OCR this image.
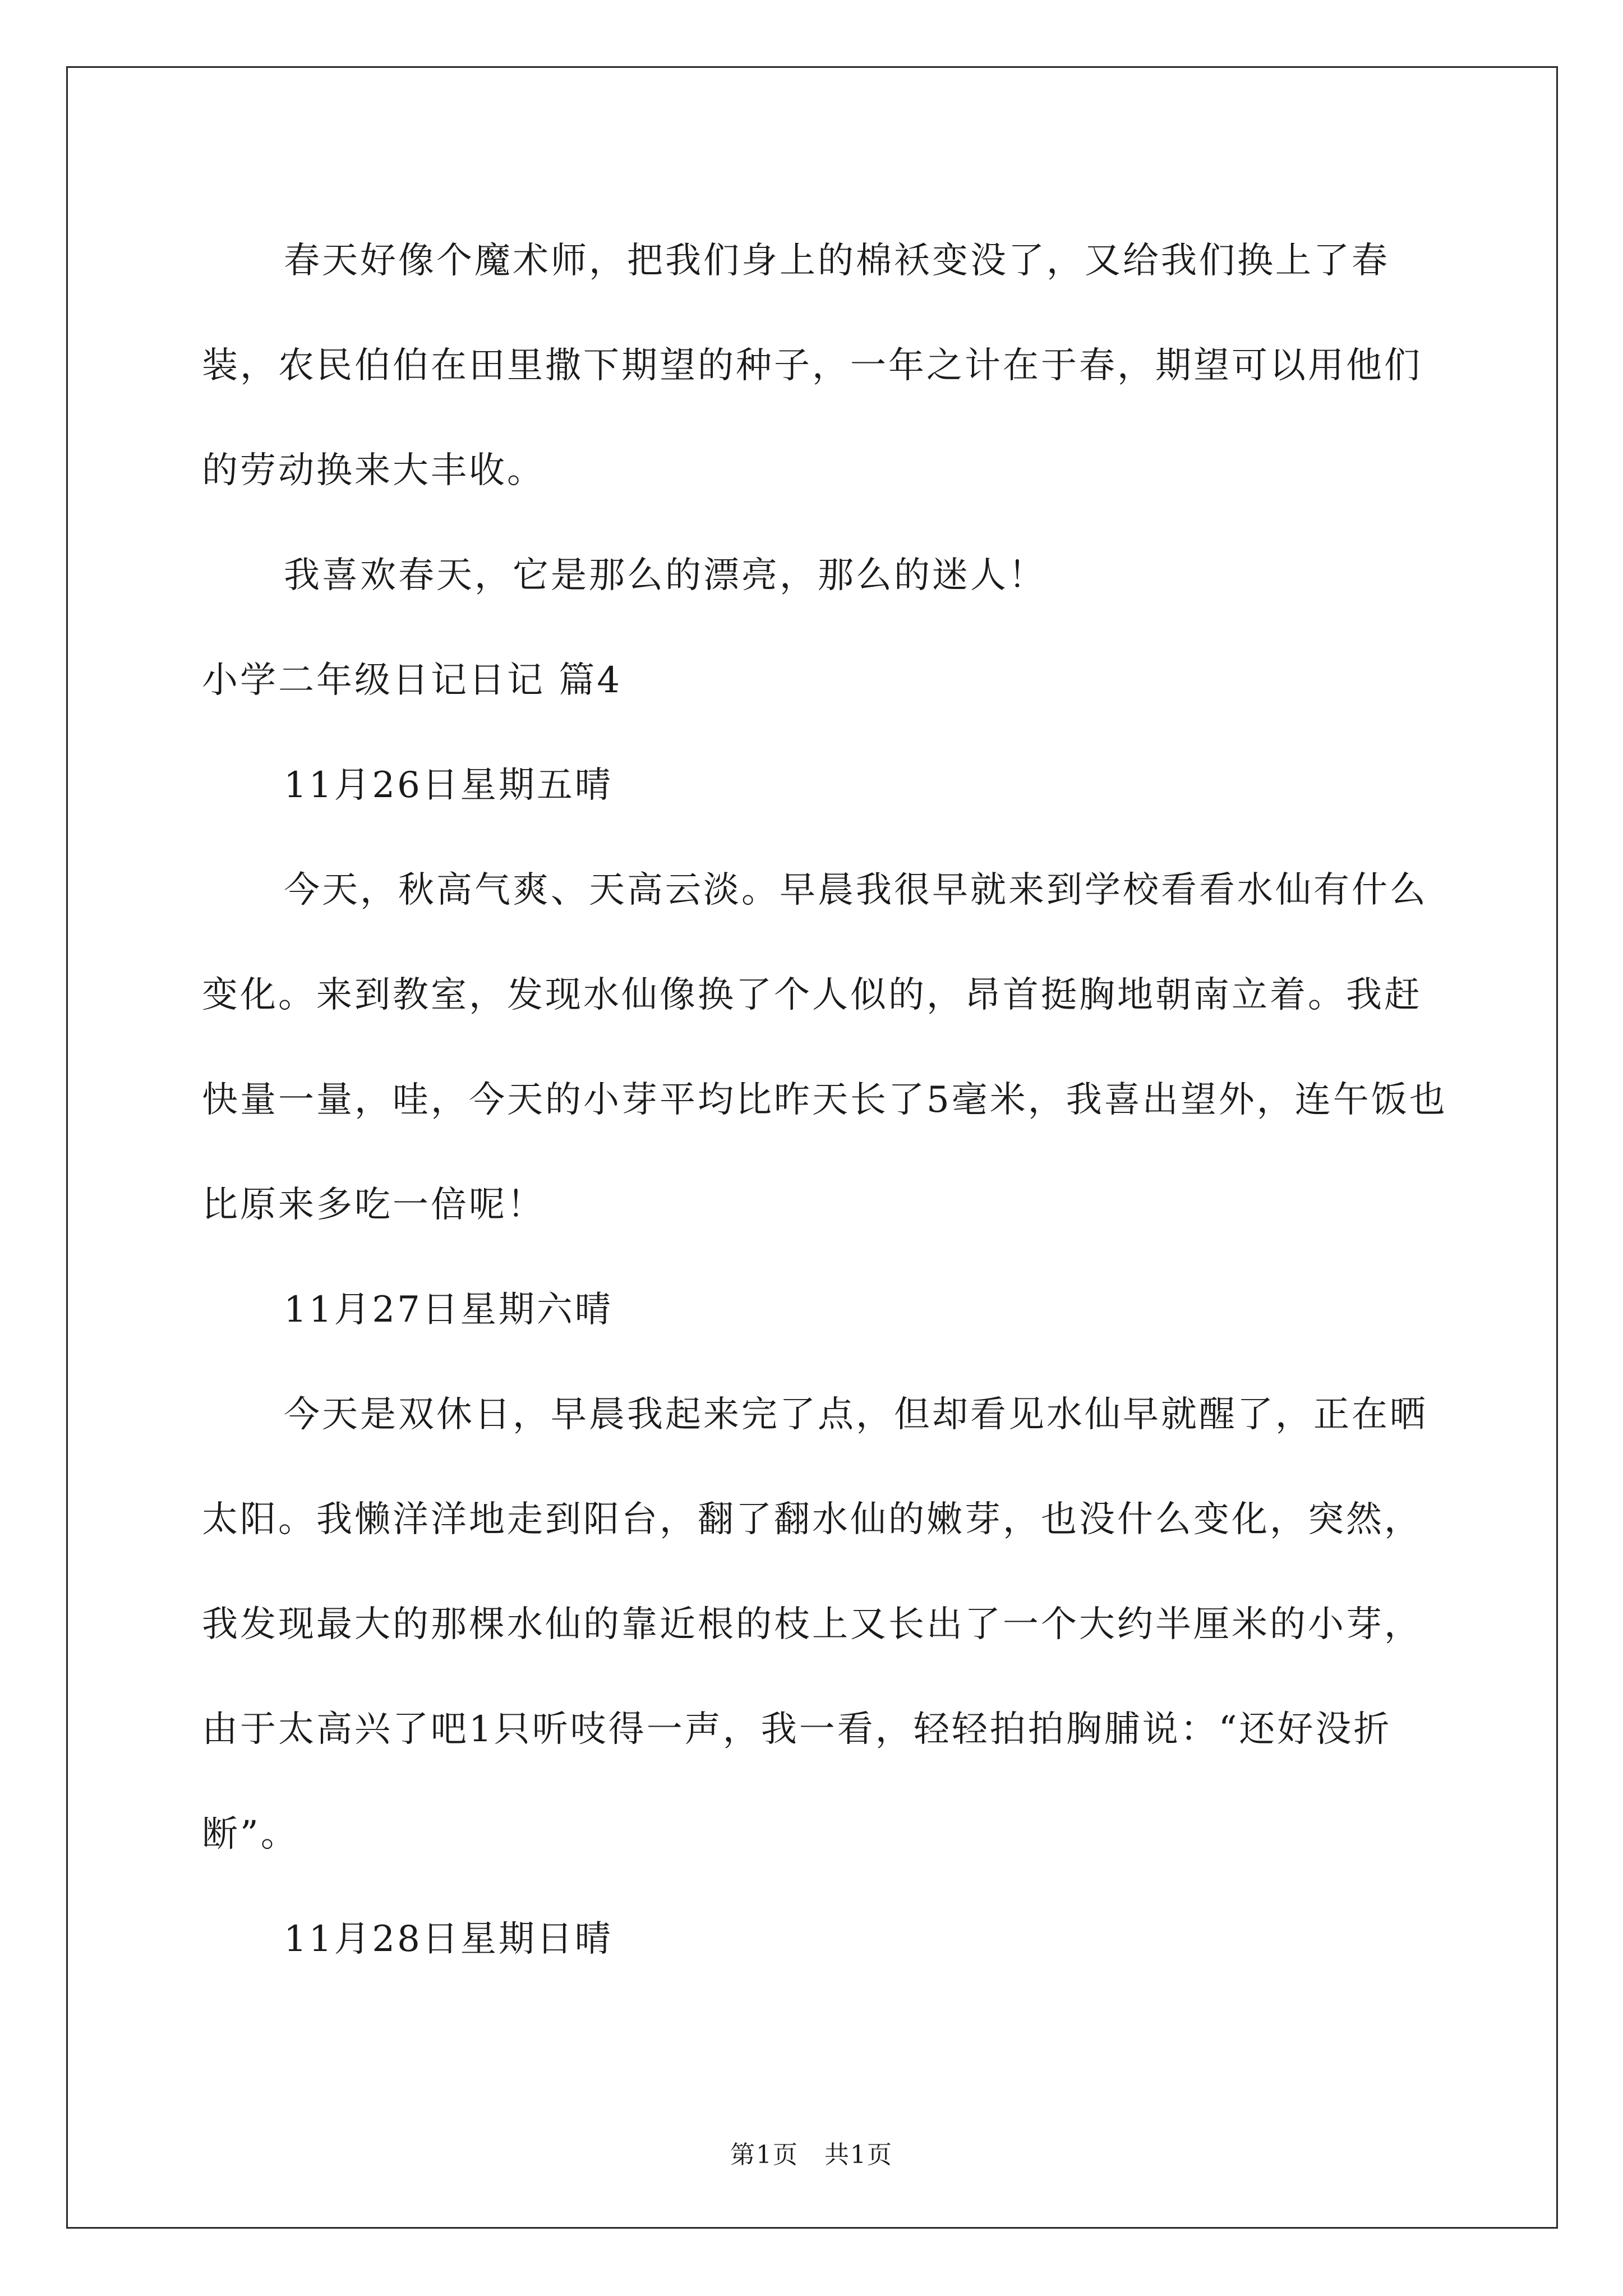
春天好像个魔术师，把我们身上的棉袄变没了，又给我们换上了春装，农民伯伯在田里撒下期望的种子，一年之计在于春，期望可以用他们的劳动换来大丰收。

我喜欢春天，它是那么的漂亮，那么的迷人！

小学二年级日记日记 篇4

11月26日星期五晴

今天，秋高气爽、天高云淡。早晨我很早就来到学校看看水仙有什么变化。来到教室，发现水仙像换了个人似的，昂首挺胸地朝南立着。我赶快量一量，哇，今天的小芽平均比昨天长了5毫米，我喜出望外，连午饭也比原来多吃一倍呢！

11月27日星期六晴

今天是双休日，早晨我起来完了点，但却看见水仙早就醒了，正在晒太阳。我懒洋洋地走到阳台，翻了翻水仙的嫩芽，也没什么变化，突然，我发现最大的那棵水仙的靠近根的枝上又长出了一个大约半厘米的小芽，由于太高兴了吧1只听吱得一声，我一看，轻轻拍拍胸脯说：“还好没折断”。

11月28日星期日晴

第1页　共1页
